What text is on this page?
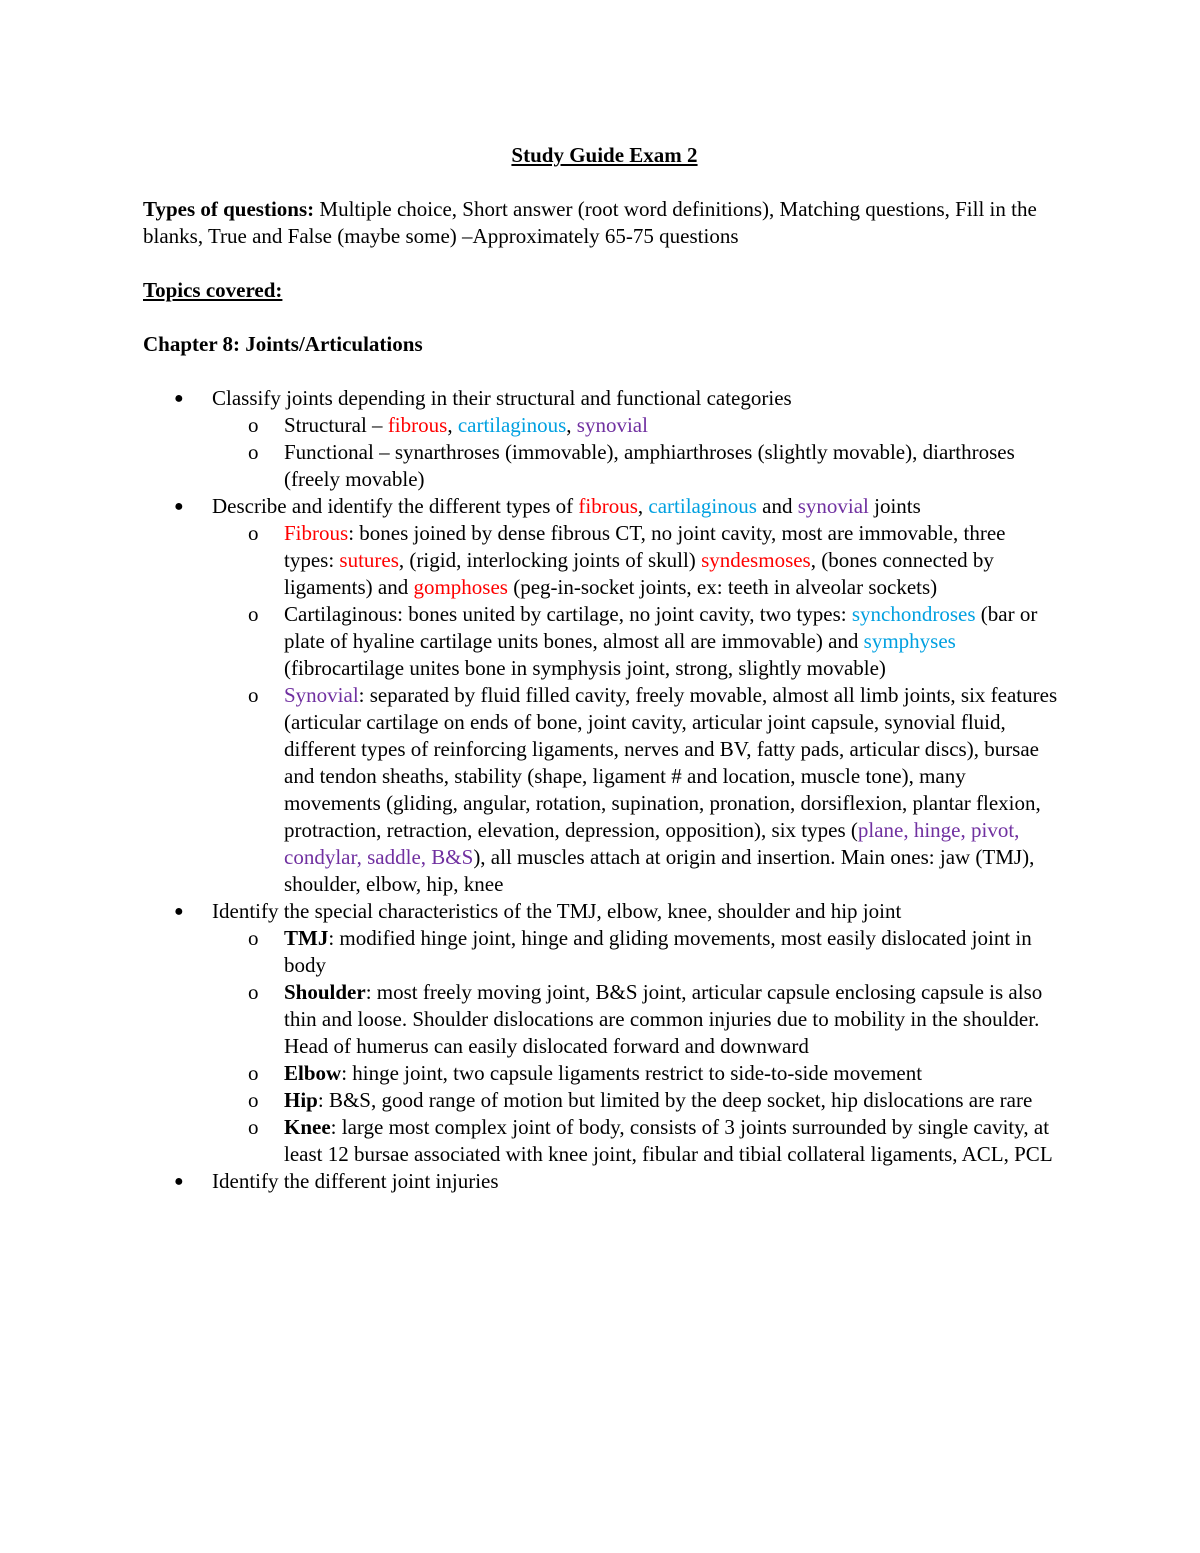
Study Guide Exam 2
Types of questions: Multiple choice, Short answer (root word definitions), Matching questions, Fill in the blanks, True and False (maybe some) –Approximately 65-75 questions
Topics covered:
Chapter 8: Joints/Articulations
● Classify joints depending in their structural and functional categories
o	Structural – fibrous, cartilaginous, synovial
o	Functional – synarthroses (immovable), amphiarthroses (slightly movable), diarthroses (freely movable)
● Describe and identify the different types of fibrous, cartilaginous and synovial joints
o	Fibrous: bones joined by dense fibrous CT, no joint cavity, most are immovable, three types: sutures, (rigid, interlocking joints of skull) syndesmoses, (bones connected by ligaments) and gomphoses (peg-in-socket joints, ex: teeth in alveolar sockets)
o	Cartilaginous: bones united by cartilage, no joint cavity, two types: synchondroses (bar or plate of hyaline cartilage units bones, almost all are immovable) and symphyses (fibrocartilage unites bone in symphysis joint, strong, slightly movable)
o	Synovial: separated by fluid filled cavity, freely movable, almost all limb joints, six features (articular cartilage on ends of bone, joint cavity, articular joint capsule, synovial fluid, different types of reinforcing ligaments, nerves and BV, fatty pads, articular discs), bursae and tendon sheaths, stability (shape, ligament # and location, muscle tone), many movements (gliding, angular, rotation, supination, pronation, dorsiflexion, plantar flexion, protraction, retraction, elevation, depression, opposition), six types (plane, hinge, pivot, condylar, saddle, B&S), all muscles attach at origin and insertion. Main ones: jaw (TMJ), shoulder, elbow, hip, knee
● Identify the special characteristics of the TMJ, elbow, knee, shoulder and hip joint
o	TMJ: modified hinge joint, hinge and gliding movements, most easily dislocated joint in body
o	Shoulder: most freely moving joint, B&S joint, articular capsule enclosing capsule is also thin and loose. Shoulder dislocations are common injuries due to mobility in the shoulder. Head of humerus can easily dislocated forward and downward
o	Elbow: hinge joint, two capsule ligaments restrict to side-to-side movement
o	Hip: B&S, good range of motion but limited by the deep socket, hip dislocations are rare
o	Knee: large most complex joint of body, consists of 3 joints surrounded by single cavity, at least 12 bursae associated with knee joint, fibular and tibial collateral ligaments, ACL, PCL
● Identify the different joint injuries
